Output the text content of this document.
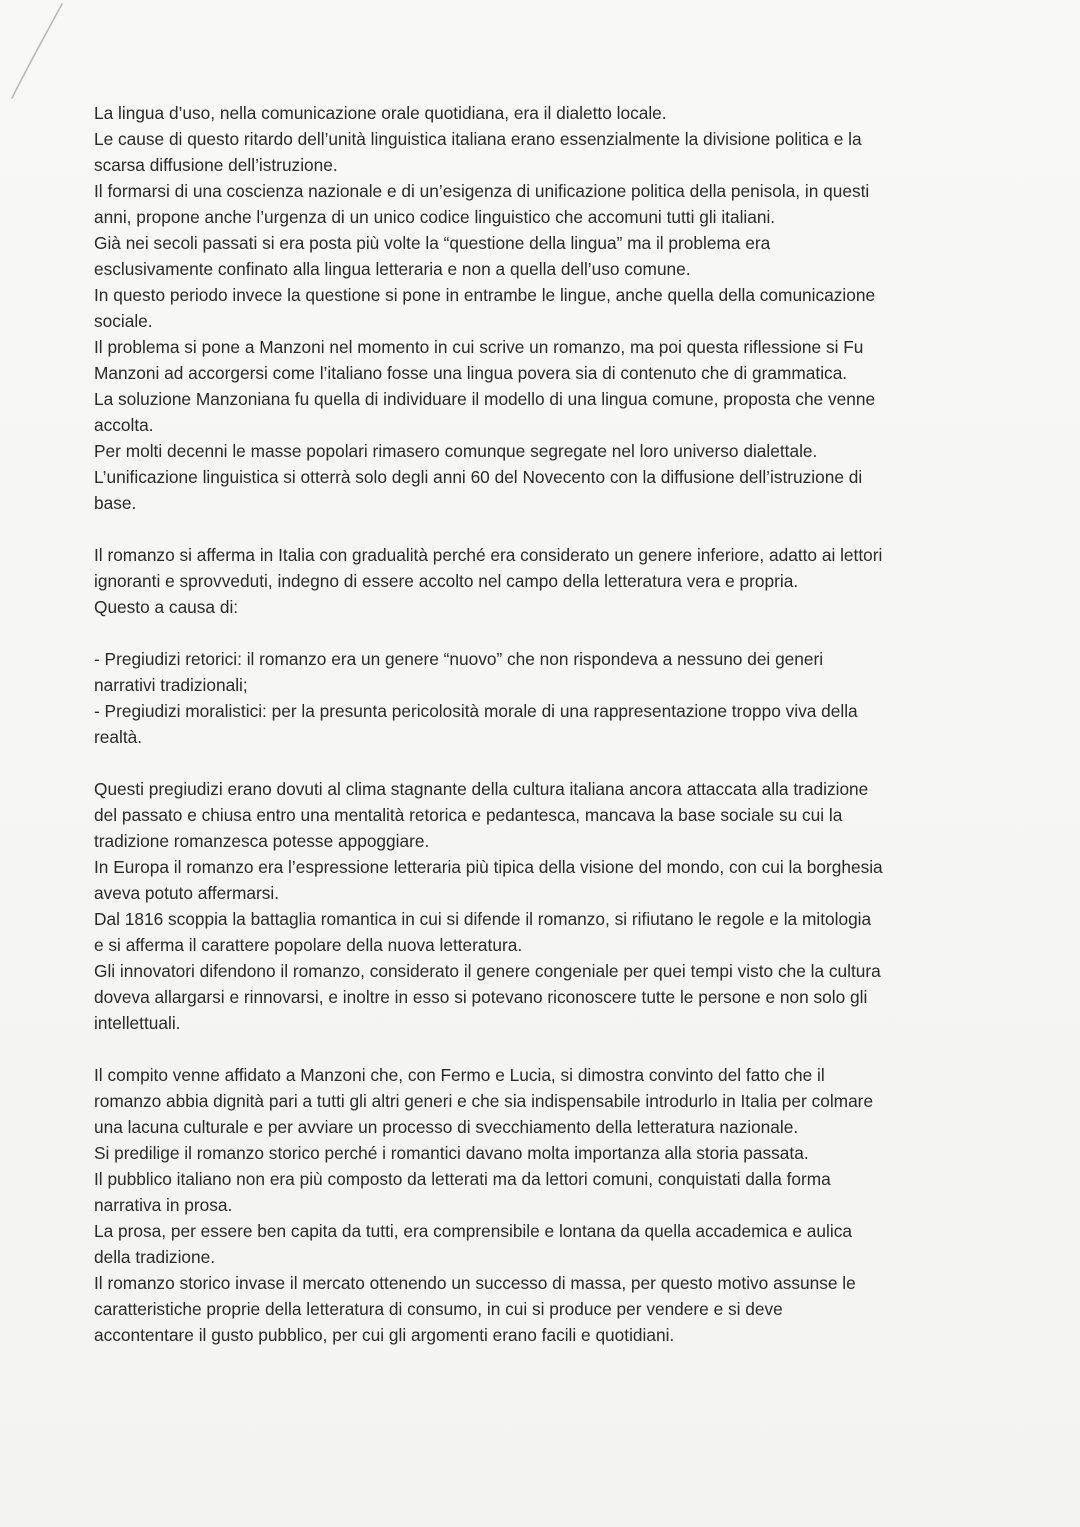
La lingua d’uso, nella comunicazione orale quotidiana, era il dialetto locale.
Le cause di questo ritardo dell’unità linguistica italiana erano essenzialmente la divisione politica e la
scarsa diffusione dell’istruzione.
Il formarsi di una coscienza nazionale e di un’esigenza di unificazione politica della penisola, in questi
anni, propone anche l’urgenza di un unico codice linguistico che accomuni tutti gli italiani.
Già nei secoli passati si era posta più volte la “questione della lingua” ma il problema era
esclusivamente confinato alla lingua letteraria e non a quella dell’uso comune.
In questo periodo invece la questione si pone in entrambe le lingue, anche quella della comunicazione
sociale.
Il problema si pone a Manzoni nel momento in cui scrive un romanzo, ma poi questa riflessione si Fu
Manzoni ad accorgersi come l’italiano fosse una lingua povera sia di contenuto che di grammatica.
La soluzione Manzoniana fu quella di individuare il modello di una lingua comune, proposta che venne
accolta.
Per molti decenni le masse popolari rimasero comunque segregate nel loro universo dialettale.
L’unificazione linguistica si otterrà solo degli anni 60 del Novecento con la diffusione dell’istruzione di
base.
Il romanzo si afferma in Italia con gradualità perché era considerato un genere inferiore, adatto ai lettori
ignoranti e sprovveduti, indegno di essere accolto nel campo della letteratura vera e propria.
Questo a causa di:
- Pregiudizi retorici: il romanzo era un genere “nuovo” che non rispondeva a nessuno dei generi
narrativi tradizionali;
- Pregiudizi moralistici: per la presunta pericolosità morale di una rappresentazione troppo viva della
realtà.
Questi pregiudizi erano dovuti al clima stagnante della cultura italiana ancora attaccata alla tradizione
del passato e chiusa entro una mentalità retorica e pedantesca, mancava la base sociale su cui la
tradizione romanzesca potesse appoggiare.
In Europa il romanzo era l’espressione letteraria più tipica della visione del mondo, con cui la borghesia
aveva potuto affermarsi.
Dal 1816 scoppia la battaglia romantica in cui si difende il romanzo, si rifiutano le regole e la mitologia
e si afferma il carattere popolare della nuova letteratura.
Gli innovatori difendono il romanzo, considerato il genere congeniale per quei tempi visto che la cultura
doveva allargarsi e rinnovarsi, e inoltre in esso si potevano riconoscere tutte le persone e non solo gli
intellettuali.
Il compito venne affidato a Manzoni che, con Fermo e Lucia, si dimostra convinto del fatto che il
romanzo abbia dignità pari a tutti gli altri generi e che sia indispensabile introdurlo in Italia per colmare
una lacuna culturale e per avviare un processo di svecchiamento della letteratura nazionale.
Si predilige il romanzo storico perché i romantici davano molta importanza alla storia passata.
Il pubblico italiano non era più composto da letterati ma da lettori comuni, conquistati dalla forma
narrativa in prosa.
La prosa, per essere ben capita da tutti, era comprensibile e lontana da quella accademica e aulica
della tradizione.
Il romanzo storico invase il mercato ottenendo un successo di massa, per questo motivo assunse le
caratteristiche proprie della letteratura di consumo, in cui si produce per vendere e si deve
accontentare il gusto pubblico, per cui gli argomenti erano facili e quotidiani.
